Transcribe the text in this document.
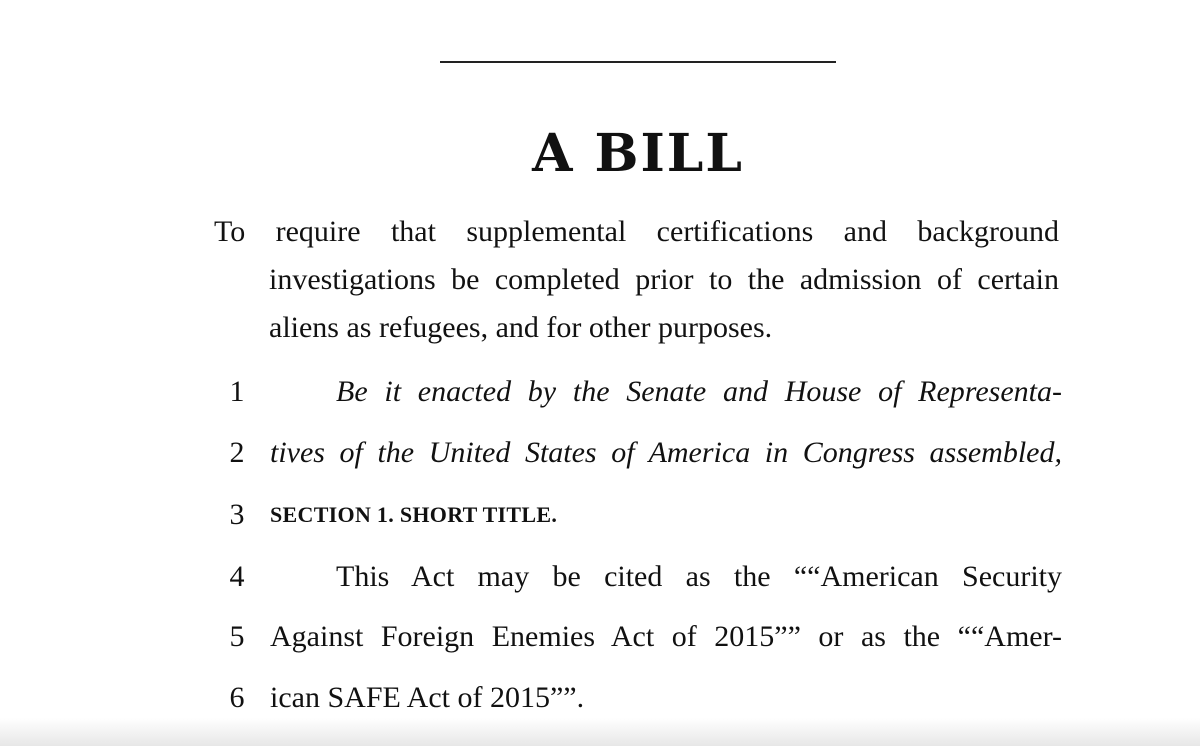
A BILL
To require that supplemental certifications and background investigations be completed prior to the admission of certain aliens as refugees, and for other purposes.
1	Be it enacted by the Senate and House of Representa-
2 tives of the United States of America in Congress assembled,
3	SECTION 1. SHORT TITLE.
4	This Act may be cited as the ““American Security
5 Against Foreign Enemies Act of 2015”” or as the ““Amer-
6 ican SAFE Act of 2015””.
